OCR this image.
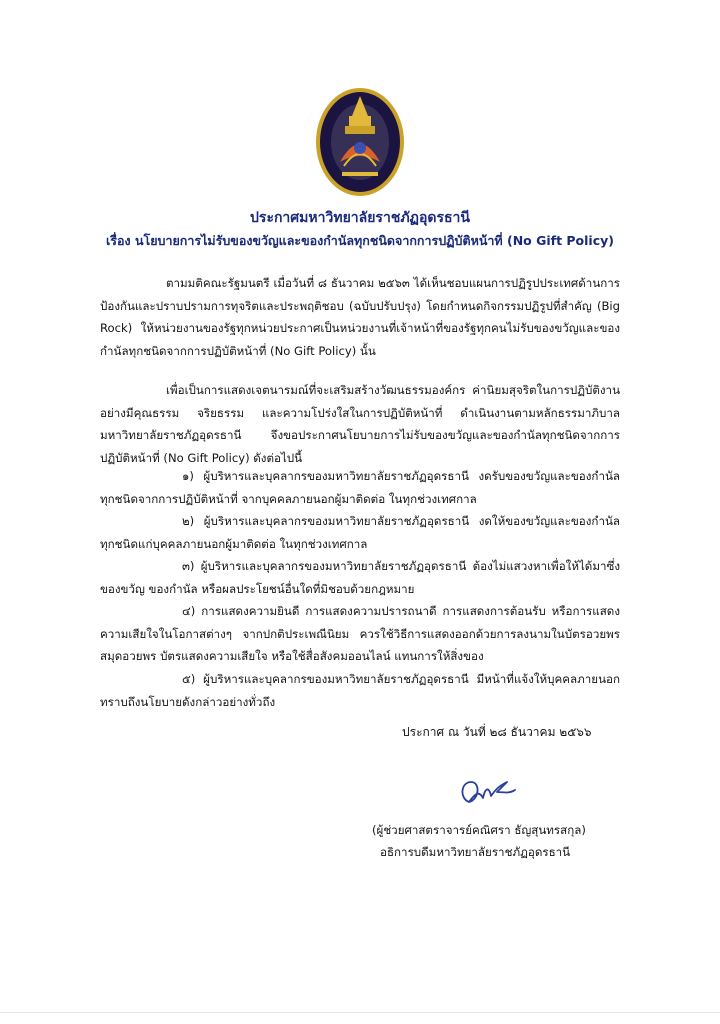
ประกาศมหาวิทยาลัยราชภัฏอุดรธานี
เรื่อง นโยบายการไม่รับของขวัญและของกำนัลทุกชนิดจากการปฏิบัติหน้าที่ (No Gift Policy)

ตามมติคณะรัฐมนตรี เมื่อวันที่ ๘ ธันวาคม ๒๕๖๓ ได้เห็นชอบแผนการปฏิรูปประเทศด้านการป้องกันและปราบปรามการทุจริตและประพฤติชอบ (ฉบับปรับปรุง) โดยกำหนดกิจกรรมปฏิรูปที่สำคัญ (Big Rock) ให้หน่วยงานของรัฐทุกหน่วยประกาศเป็นหน่วยงานที่เจ้าหน้าที่ของรัฐทุกคนไม่รับของขวัญและของกำนัลทุกชนิดจากการปฏิบัติหน้าที่ (No Gift Policy) นั้น

เพื่อเป็นการแสดงเจตนารมณ์ที่จะเสริมสร้างวัฒนธรรมองค์กร ค่านิยมสุจริตในการปฏิบัติงานอย่างมีคุณธรรม จริยธรรม และความโปร่งใสในการปฏิบัติหน้าที่ ดำเนินงานตามหลักธรรมาภิบาล มหาวิทยาลัยราชภัฏอุดรธานี จึงขอประกาศนโยบายการไม่รับของขวัญและของกำนัลทุกชนิดจากการปฏิบัติหน้าที่ (No Gift Policy) ดังต่อไปนี้

๑) ผู้บริหารและบุคลากรของมหาวิทยาลัยราชภัฏอุดรธานี งดรับของขวัญและของกำนัลทุกชนิดจากการปฏิบัติหน้าที่ จากบุคคลภายนอกผู้มาติดต่อ ในทุกช่วงเทศกาล

๒) ผู้บริหารและบุคลากรของมหาวิทยาลัยราชภัฏอุดรธานี งดให้ของขวัญและของกำนัลทุกชนิดแก่บุคคลภายนอกผู้มาติดต่อ ในทุกช่วงเทศกาล

๓) ผู้บริหารและบุคลากรของมหาวิทยาลัยราชภัฏอุดรธานี ต้องไม่แสวงหาเพื่อให้ได้มาซึ่งของขวัญ ของกำนัล หรือผลประโยชน์อื่นใดที่มิชอบด้วยกฎหมาย

๔) การแสดงความยินดี การแสดงความปรารถนาดี การแสดงการต้อนรับ หรือการแสดงความเสียใจในโอกาสต่างๆ จากปกติประเพณีนิยม ควรใช้วิธีการแสดงออกด้วยการลงนามในบัตรอวยพร สมุดอวยพร บัตรแสดงความเสียใจ หรือใช้สื่อสังคมออนไลน์ แทนการให้สิ่งของ

๕) ผู้บริหารและบุคลากรของมหาวิทยาลัยราชภัฏอุดรธานี มีหน้าที่แจ้งให้บุคคลภายนอกทราบถึงนโยบายดังกล่าวอย่างทั่วถึง

ประกาศ ณ วันที่ ๒๘ ธันวาคม ๒๕๖๖
(ผู้ช่วยศาสตราจารย์คณิศรา ธัญสุนทรสกุล)
อธิการบดีมหาวิทยาลัยราชภัฏอุดรธานี
